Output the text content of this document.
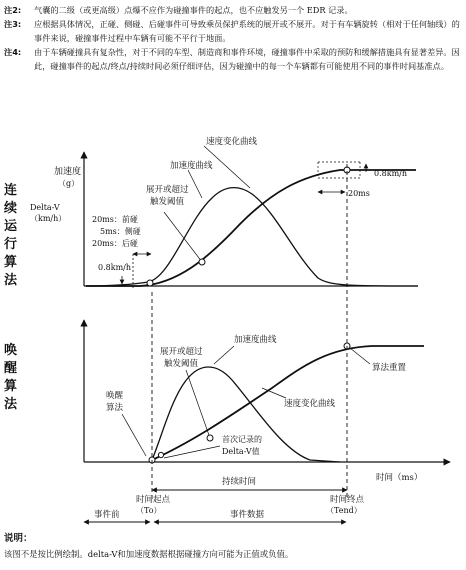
注2: 气囊的二级（或更高级）点爆不应作为碰撞事件的起点，也不应触发另一个 EDR 记录。

注3: 应根据具体情况，正碰、侧碰、后碰事件可导致乘员保护系统的展开或不展开。对于有车辆旋转（相对于任何轴线）的事件来说，碰撞事件过程中车辆有可能不平行于地面。

注4: 由于车辆碰撞具有复杂性，对于不同的车型、制造商和事件环境，碰撞事件中采取的预防和缓解措施具有显著差异。因此，碰撞事件的起点/终点/持续时间必须仔细评估，因为碰撞中的每一个车辆都有可能使用不同的事件时间基准点。

连
续
运
行
算
法
加速度
（g）
Delta-V
（km/h）
速度变化曲线
加速度曲线
展开或超过
触发阈值
20ms：前碰
5ms：侧碰
20ms：后碰
0.8km/h
0.8km/h
20ms
唤
醒
算
法
时间（ms）
加速度曲线
展开或超过
触发阈值	算法重置
唤醒
算法	速度变化曲线
首次记录的
Delta-V值
持续时间
时间起点
（To）
时间终点
（Tend）
事件前	事件数据

说明：

该图不是按比例绘制。delta-V和加速度数据根据碰撞方向可能为正值或负值。
